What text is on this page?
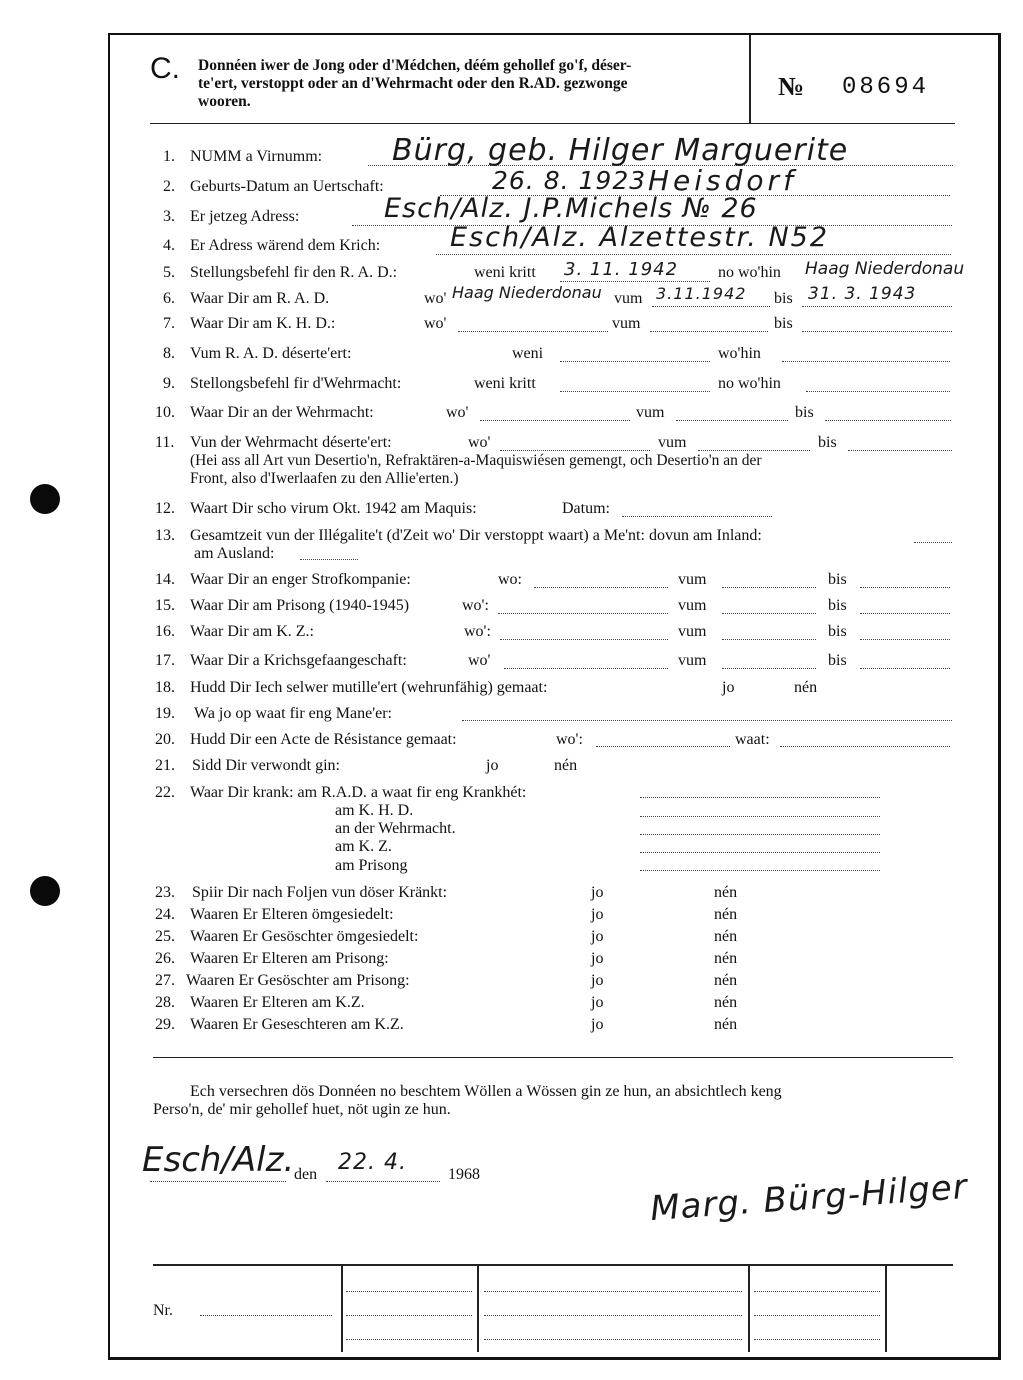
C. Donnéen iwer de Jong oder d'Médchen, déém gehollef go'f, déser-
te'ert, verstoppt oder an d'Wehrmacht oder den R.AD. gezwonge
wooren.
№ 08694
1. NUMM a Virnumm: Bürg, geb. Hilger Marguerite
2. Geburts-Datum an Uertschaft:	26. 8. 1923 Heisdorf
3. Er jetzeg Adress:	Esch/Alz. J.P.Michels № 26
4. Er Adress wärend dem Krich:	Esch/Alz. Alzettestr. N52
5. Stellungsbefehl fir den R. A. D.:	weni kritt 3. 11. 1942 no wo'hin Haag Niederdonau
6. Waar Dir am R. A. D.	wo' Haag Niederdonau vum 3.11.1942 bis 31. 3. 1943
7. Waar Dir am K. H. D.:	wo'	vum	bis
8. Vum R. A. D. déserte'ert:	weni	wo'hin
9. Stellongsbefehl fir d'Wehrmacht:	weni kritt	no wo'hin
10. Waar Dir an der Wehrmacht:	wo'	vum	bis
11. Vun der Wehrmacht déserte'ert:	wo'	vum	bis
(Hei ass all Art vun Desertio'n, Refraktären-a-Maquiswiésen gemengt, och Desertio'n an der
Front, also d'Iwerlaafen zu den Allie'erten.)
12. Waart Dir scho virum Okt. 1942 am Maquis:	Datum:
13. Gesamtzeit vun der Illégalite't (d'Zeit wo' Dir verstoppt waart) a Me'nt: dovun am Inland:
am Ausland:
14. Waar Dir an enger Strofkompanie:	wo:	vum	bis
15. Waar Dir am Prisong (1940-1945)	wo':	vum	bis
16. Waar Dir am K. Z.:	wo':	vum	bis
17. Waar Dir a Krichsgefaangeschaft:	wo'	vum	bis
18. Hudd Dir Iech selwer mutille'ert (wehrunfähig) gemaat:	jo	nén
19. Wa jo op waat fir eng Mane'er:
20. Hudd Dir een Acte de Résistance gemaat:	wo':	waat:
21. Sidd Dir verwondt gin:	jo	nén
22. Waar Dir krank: am R.A.D. a waat fir eng Krankhét:
am K. H. D.
an der Wehrmacht.
am K. Z.
am Prisong
23. Spiir Dir nach Foljen vun döser Kränkt:	jo	nén
24. Waaren Er Elteren ömgesiedelt:	jo	nén
25. Waaren Er Gesöschter ömgesiedelt:	jo	nén
26. Waaren Er Elteren am Prisong:	jo	nén
27. Waaren Er Gesöschter am Prisong:	jo	nén
28. Waaren Er Elteren am K.Z.	jo	nén
29. Waaren Er Geseschteren am K.Z.	jo	nén
Ech versechren dös Donnéen no beschtem Wöllen a Wössen gin ze hun, an absichtlech keng
Perso'n, de' mir gehollef huet, nöt ugin ze hun.
Esch/Alz. den 22. 4.	1968	Marg. Bürg-Hilger
Nr.
